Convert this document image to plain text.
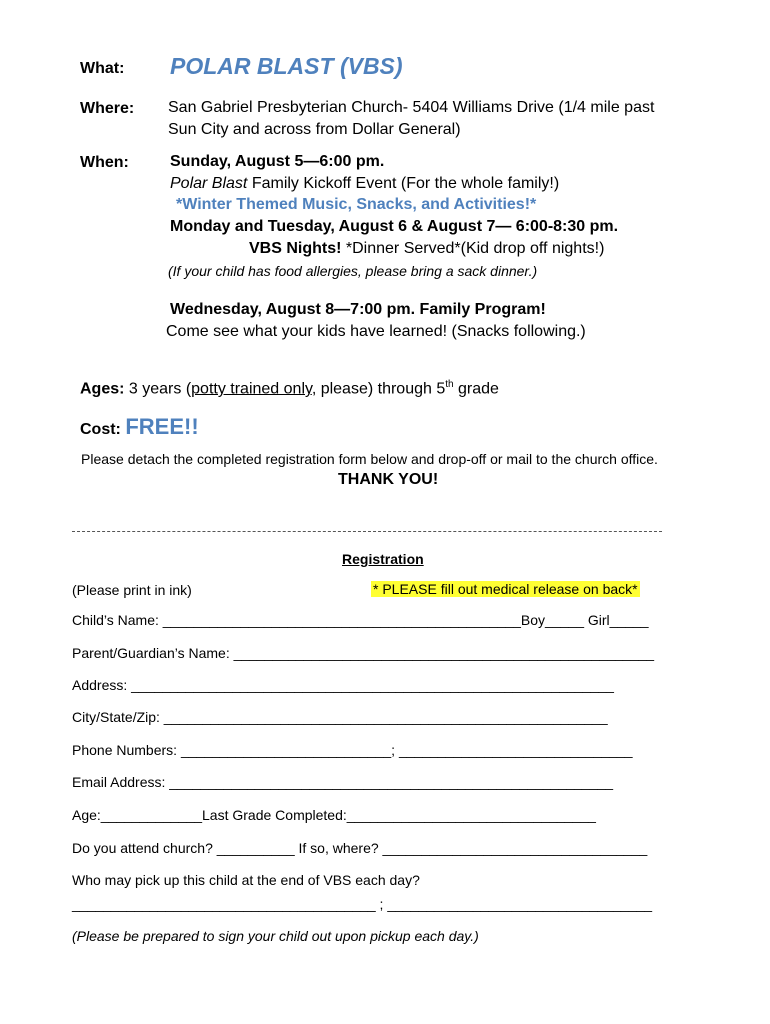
What: POLAR BLAST (VBS)
Where: San Gabriel Presbyterian Church- 5404 Williams Drive (1/4 mile past
Sun City and across from Dollar General)
When:	Sunday, August 5—6:00 pm.
Polar Blast Family Kickoff Event (For the whole family!)
*Winter Themed Music, Snacks, and Activities!*
Monday and Tuesday, August 6 & August 7— 6:00-8:30 pm.
VBS Nights! *Dinner Served*(Kid drop off nights!)
(If your child has food allergies, please bring a sack dinner.)
Wednesday, August 8—7:00 pm. Family Program!
Come see what your kids have learned! (Snacks following.)
Ages: 3 years (potty trained only, please) through 5th grade
Cost: FREE!!
Please detach the completed registration form below and drop-off or mail to the church office.
THANK YOU!
Registration
(Please print in ink)	* PLEASE fill out medical release on back*
Child’s Name: ______________________________________________Boy_____ Girl_____
Parent/Guardian’s Name: ______________________________________________________
Address: ______________________________________________________________
City/State/Zip: _________________________________________________________
Phone Numbers: ___________________________; ______________________________
Email Address: _________________________________________________________
Age:_____________Last Grade Completed:________________________________
Do you attend church? __________ If so, where? __________________________________
Who may pick up this child at the end of VBS each day?
_______________________________________ ; __________________________________
(Please be prepared to sign your child out upon pickup each day.)
